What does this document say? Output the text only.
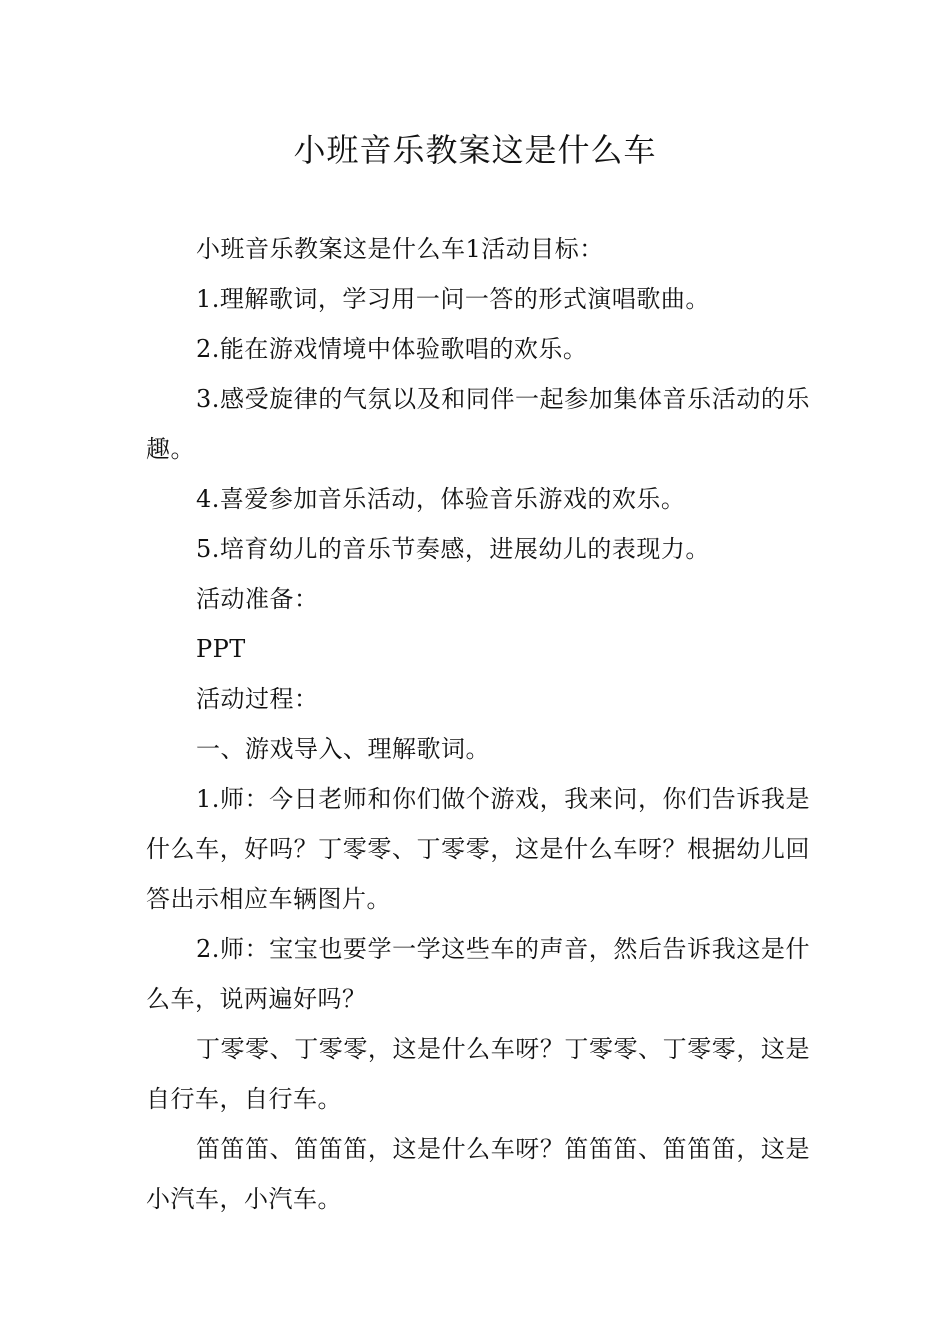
小班音乐教案这是什么车

小班音乐教案这是什么车1活动目标：

1.理解歌词，学习用一问一答的形式演唱歌曲。

2.能在游戏情境中体验歌唱的欢乐。

3.感受旋律的气氛以及和同伴一起参加集体音乐活动的乐趣。

4.喜爱参加音乐活动，体验音乐游戏的欢乐。

5.培育幼儿的音乐节奏感，进展幼儿的表现力。

活动准备：

PPT

活动过程：

一、游戏导入、理解歌词。

1.师：今日老师和你们做个游戏，我来问，你们告诉我是什么车，好吗？丁零零、丁零零，这是什么车呀？根据幼儿回答出示相应车辆图片。

2.师：宝宝也要学一学这些车的声音，然后告诉我这是什么车，说两遍好吗？

丁零零、丁零零，这是什么车呀？丁零零、丁零零，这是自行车，自行车。

笛笛笛、笛笛笛，这是什么车呀？笛笛笛、笛笛笛，这是小汽车，小汽车。
